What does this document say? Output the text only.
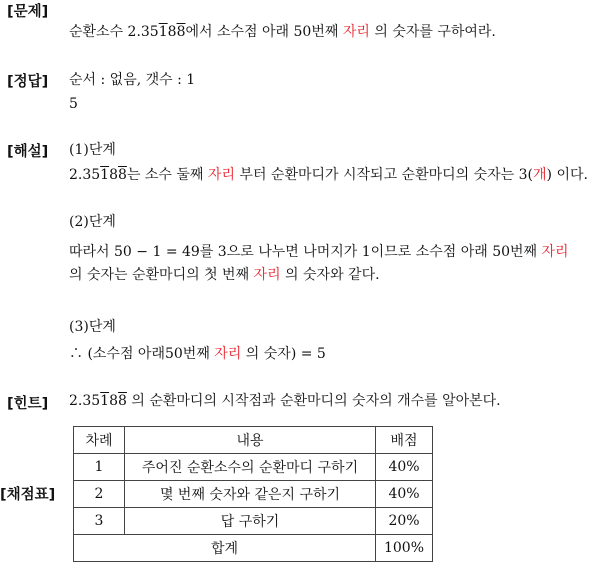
[문제]
순환소수 2.35188에서 소수점 아래 50번째 자리 의 숫자를 구하여라.
[정답] 순서 : 없음, 갯수 : 1
5
[해설] (1)단계
2.35188는 소수 둘째 자리 부터 순환마디가 시작되고 순환마디의 숫자는 3(개) 이다.
(2)단계
따라서 50 − 1 = 49를 3으로 나누면 나머지가 1이므로 소수점 아래 50번째 자리
의 숫자는 순환마디의 첫 번째 자리 의 숫자와 같다.
(3)단계
∴ (소수점 아래50번째 자리 의 숫자) = 5
[힌트] 2.35188 의 순환마디의 시작점과 순환마디의 숫자의 개수를 알아본다.
[채점표]
차례	내용	배점
1	주어진 순환소수의 순환마디 구하기	40%
2	몇 번째 숫자와 같은지 구하기	40%
3	답 구하기	20%
합계		100%
